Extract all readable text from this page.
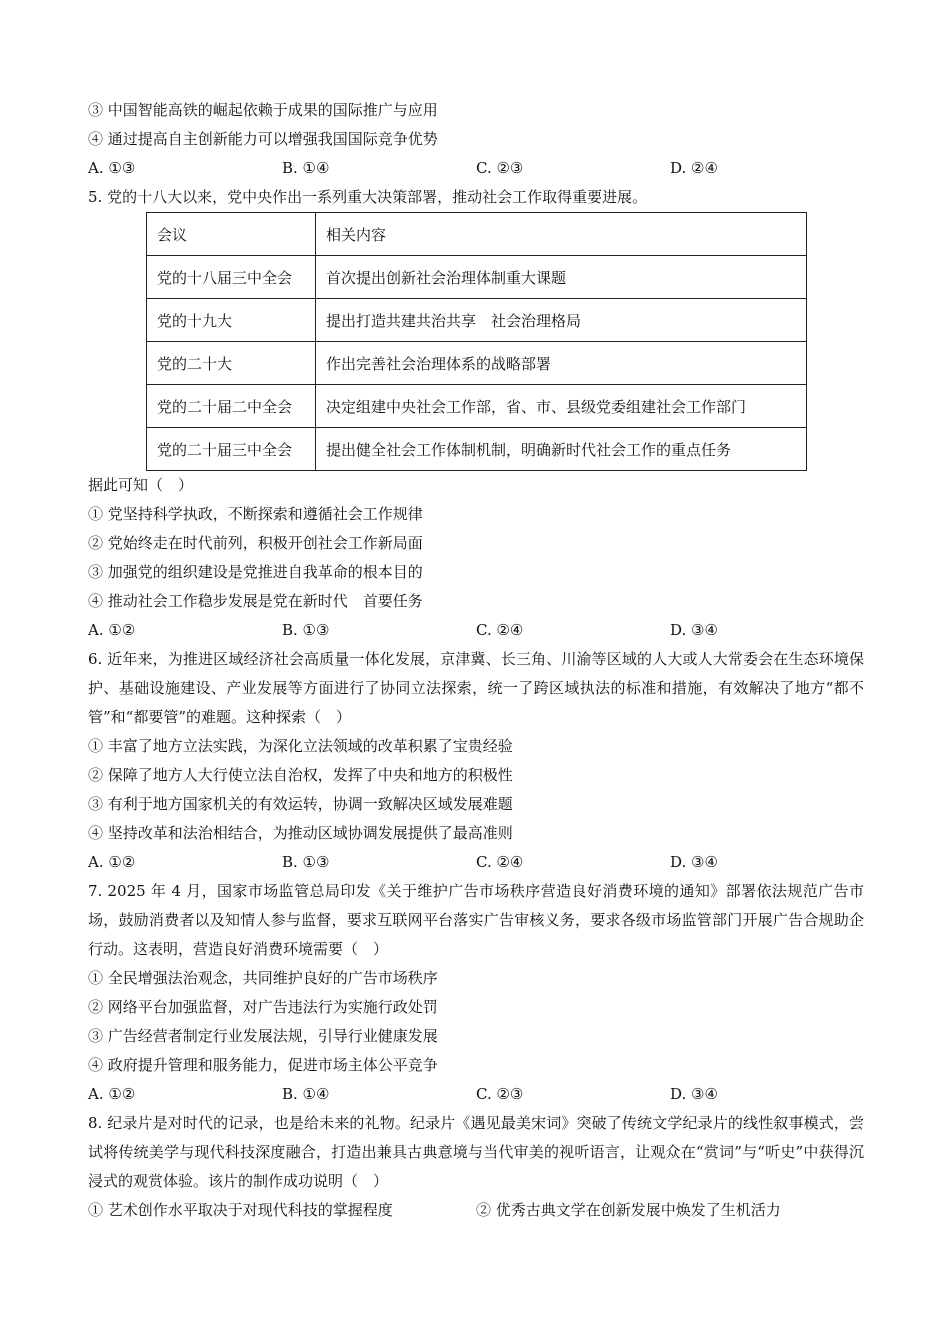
③ 中国智能高铁的崛起依赖于成果的国际推广与应用
④ 通过提高自主创新能力可以增强我国国际竞争优势
A. ①③	B. ①④	C. ②③	D. ②④
5. 党的十八大以来，党中央作出一系列重大决策部署，推动社会工作取得重要进展。
会议	相关内容
党的十八届三中全会	首次提出创新社会治理体制重大课题
党的十九大	提出打造共建共治共享　社会治理格局
党的二十大	作出完善社会治理体系的战略部署
党的二十届二中全会	决定组建中央社会工作部，省、市、县级党委组建社会工作部门
党的二十届三中全会	提出健全社会工作体制机制，明确新时代社会工作的重点任务
据此可知（　）
① 党坚持科学执政，不断探索和遵循社会工作规律
② 党始终走在时代前列，积极开创社会工作新局面
③ 加强党的组织建设是党推进自我革命的根本目的
④ 推动社会工作稳步发展是党在新时代　首要任务
A. ①②	B. ①③	C. ②④	D. ③④
6. 近年来，为推进区域经济社会高质量一体化发展，京津冀、长三角、川渝等区域的人大或人大常委会在生态环境保护、基础设施建设、产业发展等方面进行了协同立法探索，统一了跨区域执法的标准和措施，有效解决了地方“都不管”和“都要管”的难题。这种探索（　）
① 丰富了地方立法实践，为深化立法领域的改革积累了宝贵经验
② 保障了地方人大行使立法自治权，发挥了中央和地方的积极性
③ 有利于地方国家机关的有效运转，协调一致解决区域发展难题
④ 坚持改革和法治相结合，为推动区域协调发展提供了最高准则
A. ①②	B. ①③	C. ②④	D. ③④
7. 2025 年 4 月，国家市场监管总局印发《关于维护广告市场秩序营造良好消费环境的通知》部署依法规范广告市场，鼓励消费者以及知情人参与监督，要求互联网平台落实广告审核义务，要求各级市场监管部门开展广告合规助企行动。这表明，营造良好消费环境需要（　）
① 全民增强法治观念，共同维护良好的广告市场秩序
② 网络平台加强监督，对广告违法行为实施行政处罚
③ 广告经营者制定行业发展法规，引导行业健康发展
④ 政府提升管理和服务能力，促进市场主体公平竞争
A. ①②	B. ①④	C. ②③	D. ③④
8. 纪录片是对时代的记录，也是给未来的礼物。纪录片《遇见最美宋词》突破了传统文学纪录片的线性叙事模式，尝试将传统美学与现代科技深度融合，打造出兼具古典意境与当代审美的视听语言，让观众在“赏词”与“听史”中获得沉浸式的观赏体验。该片的制作成功说明（　）
① 艺术创作水平取决于对现代科技的掌握程度	② 优秀古典文学在创新发展中焕发了生机活力
